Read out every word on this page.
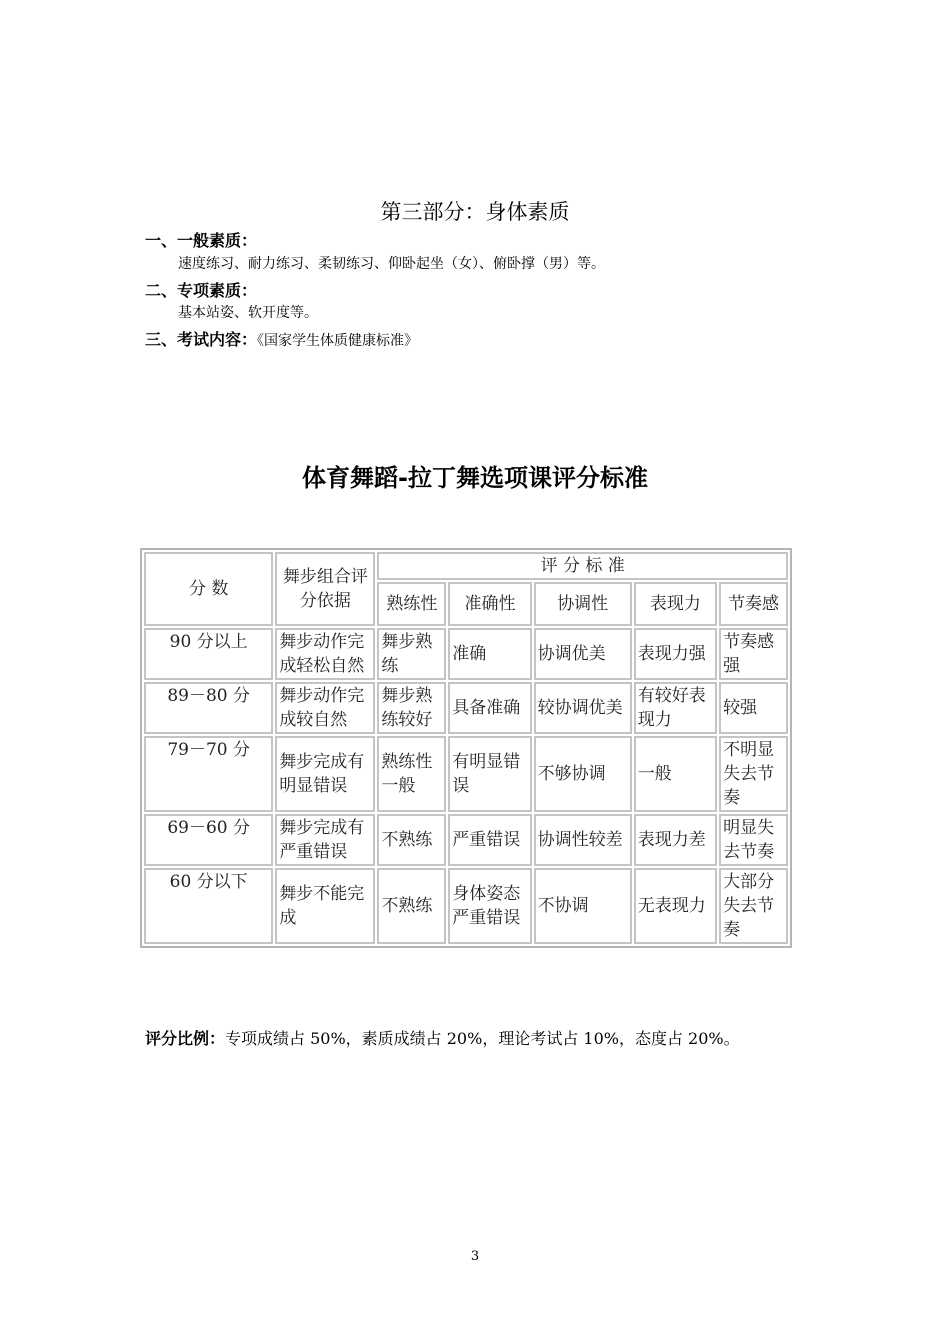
第三部分：身体素质
一、一般素质：
速度练习、耐力练习、柔韧练习、仰卧起坐（女）、俯卧撑（男）等。
二、专项素质：
基本站姿、软开度等。
三、考试内容：《国家学生体质健康标准》
体育舞蹈-拉丁舞选项课评分标准
分 数	舞步组合评分依据	评 分 标 准				
		熟练性	准确性	协调性	表现力	节奏感
90 分以上	舞步动作完成轻松自然	舞步熟练	准确	协调优美	表现力强	节奏感强
89－80 分	舞步动作完成较自然	舞步熟练较好	具备准确	较协调优美	有较好表现力	较强
79－70 分	舞步完成有明显错误	熟练性一般	有明显错误	不够协调	一般	不明显失去节奏
69－60 分	舞步完成有严重错误	不熟练	严重错误	协调性较差	表现力差	明显失去节奏
60 分以下	舞步不能完成	不熟练	身体姿态严重错误	不协调	无表现力	大部分失去节奏
评分比例：专项成绩占 50%，素质成绩占 20%，理论考试占 10%，态度占 20%。
3
